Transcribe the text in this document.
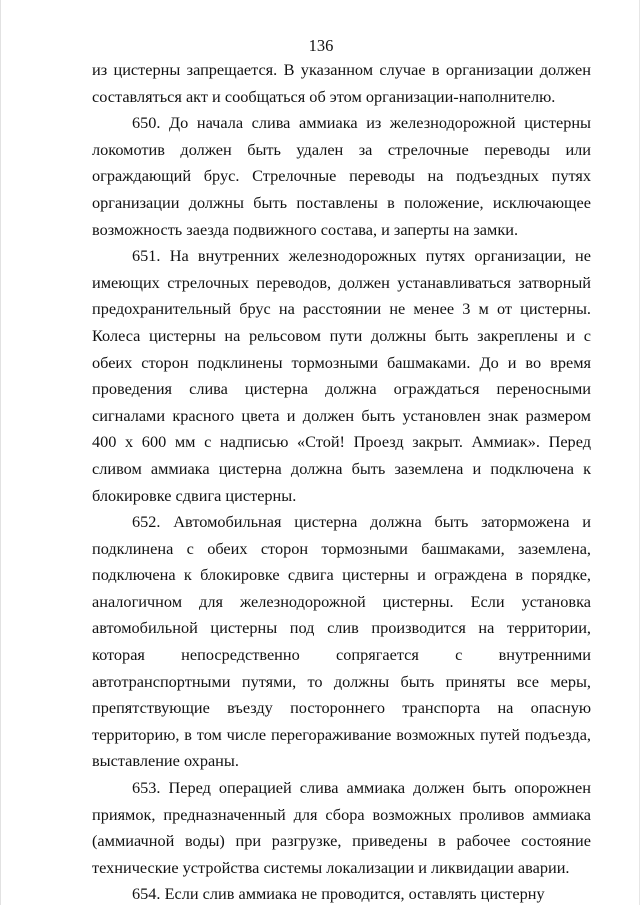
136

из цистерны запрещается. В указанном случае в организации должен составляться акт и сообщаться об этом организации-наполнителю.

650. До начала слива аммиака из железнодорожной цистерны локомотив должен быть удален за стрелочные переводы или ограждающий брус. Стрелочные переводы на подъездных путях организации должны быть поставлены в положение, исключающее возможность заезда подвижного состава, и заперты на замки.

651. На внутренних железнодорожных путях организации, не имеющих стрелочных переводов, должен устанавливаться затворный предохранительный брус на расстоянии не менее 3 м от цистерны. Колеса цистерны на рельсовом пути должны быть закреплены и с обеих сторон подклинены тормозными башмаками. До и во время проведения слива цистерна должна ограждаться переносными сигналами красного цвета и должен быть установлен знак размером 400 х 600 мм с надписью «Стой! Проезд закрыт. Аммиак». Перед сливом аммиака цистерна должна быть заземлена и подключена к блокировке сдвига цистерны.

652. Автомобильная цистерна должна быть заторможена и подклинена с обеих сторон тормозными башмаками, заземлена, подключена к блокировке сдвига цистерны и ограждена в порядке, аналогичном для железнодорожной цистерны. Если установка автомобильной цистерны под слив производится на территории, которая непосредственно сопрягается с внутренними автотранспортными путями, то должны быть приняты все меры, препятствующие въезду постороннего транспорта на опасную территорию, в том числе перегораживание возможных путей подъезда, выставление охраны.

653. Перед операцией слива аммиака должен быть опорожнен приямок, предназначенный для сбора возможных проливов аммиака (аммиачной воды) при разгрузке, приведены в рабочее состояние технические устройства системы локализации и ликвидации аварии.

654. Если слив аммиака не проводится, оставлять цистерну
